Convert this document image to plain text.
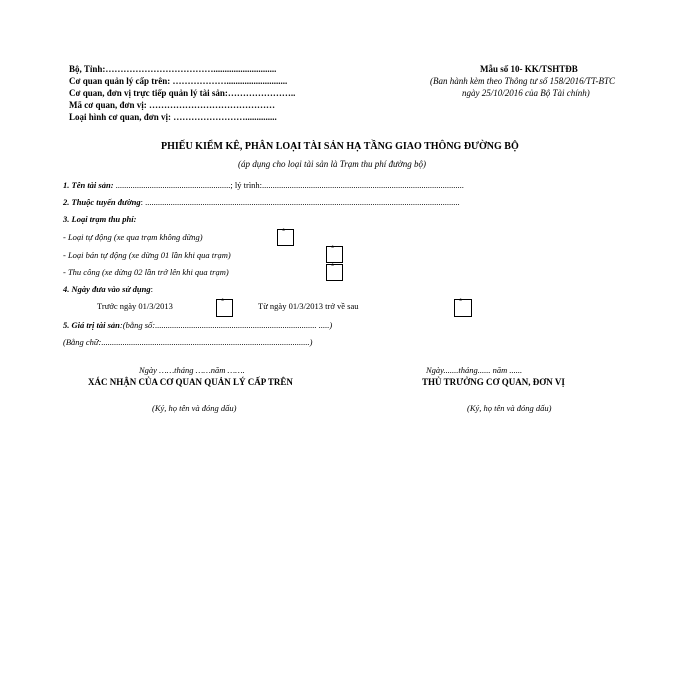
Bộ, Tỉnh:………………………………............................
Cơ quan quản lý cấp trên: ………………...........................
Cơ quan, đơn vị trực tiếp quản lý tài sản:…………………..
Mã cơ quan, đơn vị: ……………………………………
Loại hình cơ quan, đơn vị: ……………………..............
Mẫu số 10- KK/TSHTĐB
(Ban hành kèm theo Thông tư số 158/2016/TT-BTC
ngày 25/10/2016 của Bộ Tài chính)
PHIẾU KIỂM KÊ, PHÂN LOẠI TÀI SẢN HẠ TẦNG GIAO THÔNG ĐƯỜNG BỘ
(áp dụng cho loại tài sản là Trạm thu phí đường bộ)
1. Tên tài sản: ......................................................; lý trình:...............................................................................................
2. Thuộc tuyến đường: ....................................................................................................................................................
3. Loại trạm thu phí:
- Loại tự động (xe qua trạm không dừng)
°
- Loại bán tự động (xe dừng 01 lần khi qua trạm)
°
- Thu công (xe dừng 02 lần trở lên khi qua trạm)
°
4. Ngày đưa vào sử dụng:
Trước ngày 01/3/2013
°	Từ ngày 01/3/2013 trở về sau
°
5. Giá trị tài sản:(bằng số:............................................................................ .....)
(Bằng chữ:..................................................................................................)
Ngày ……tháng ……năm …….
XÁC NHẬN CỦA CƠ QUAN QUẢN LÝ CẤP TRÊN
(Ký, họ tên và đóng dấu)
Ngày.......tháng...... năm ......
THỦ TRƯỞNG CƠ QUAN, ĐƠN VỊ
(Ký, họ tên và đóng dấu)
